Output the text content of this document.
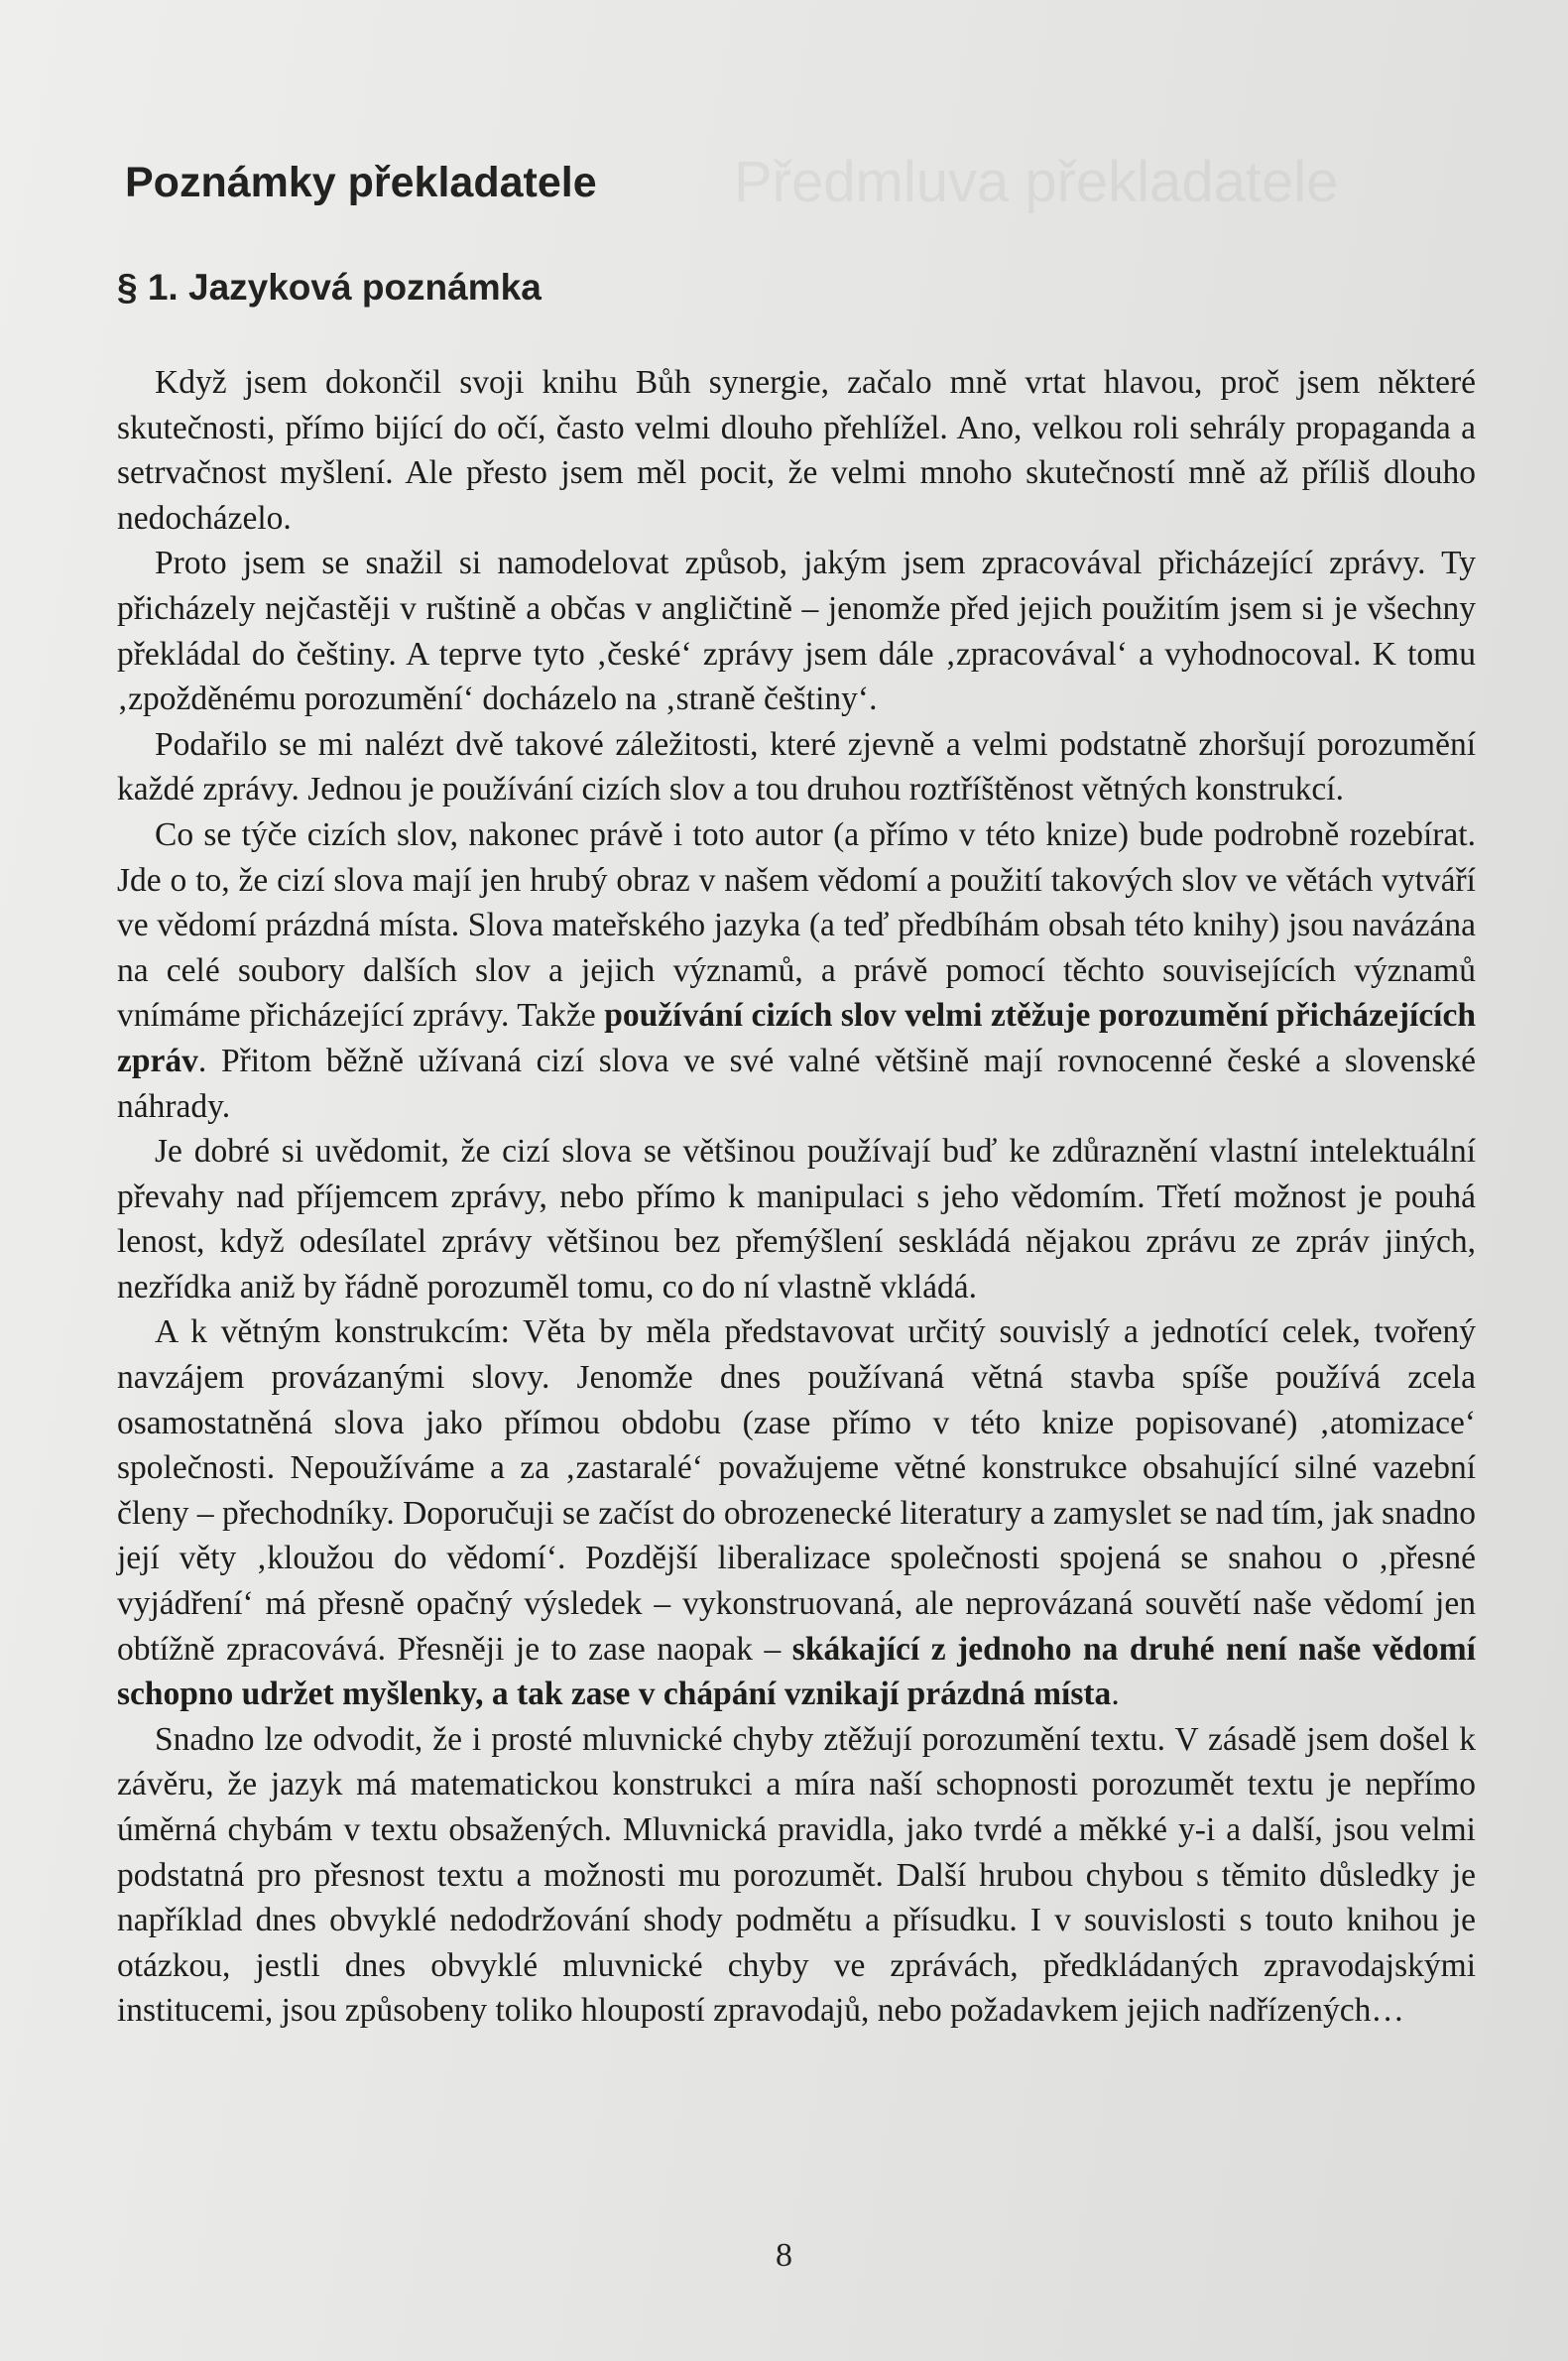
Předmluva překladatele
Poznámky překladatele
§ 1. Jazyková poznámka

Když jsem dokončil svoji knihu Bůh synergie, začalo mně vrtat hlavou, proč jsem některé skutečnosti, přímo bijící do očí, často velmi dlouho přehlížel. Ano, velkou roli sehrály propaganda a setrvačnost myšlení. Ale přesto jsem měl pocit, že velmi mnoho skutečností mně až příliš dlouho nedocházelo.

Proto jsem se snažil si namodelovat způsob, jakým jsem zpracovával přicházející zprávy. Ty přicházely nejčastěji v ruštině a občas v angličtině – jenomže před jejich použitím jsem si je všechny překládal do češtiny. A teprve tyto ‚české‘ zprávy jsem dále ‚zpracovával‘ a vyhodnocoval. K tomu ‚zpožděnému porozumění‘ docházelo na ‚straně češtiny‘.

Podařilo se mi nalézt dvě takové záležitosti, které zjevně a velmi podstatně zhoršují porozumění každé zprávy. Jednou je používání cizích slov a tou druhou roztříštěnost větných konstrukcí.

Co se týče cizích slov, nakonec právě i toto autor (a přímo v této knize) bude podrobně rozebírat. Jde o to, že cizí slova mají jen hrubý obraz v našem vědomí a použití takových slov ve větách vytváří ve vědomí prázdná místa. Slova mateřského jazyka (a teď předbíhám obsah této knihy) jsou navázána na celé soubory dalších slov a jejich významů, a právě pomocí těchto souvisejících významů vnímáme přicházející zprávy. Takže používání cizích slov velmi ztěžuje porozumění přicházejících zpráv. Přitom běžně užívaná cizí slova ve své valné většině mají rovnocenné české a slovenské náhrady.

Je dobré si uvědomit, že cizí slova se většinou používají buď ke zdůraznění vlastní intelektuální převahy nad příjemcem zprávy, nebo přímo k manipulaci s jeho vědomím. Třetí možnost je pouhá lenost, když odesílatel zprávy většinou bez přemýšlení seskládá nějakou zprávu ze zpráv jiných, nezřídka aniž by řádně porozuměl tomu, co do ní vlastně vkládá.

A k větným konstrukcím: Věta by měla představovat určitý souvislý a jednotící celek, tvořený navzájem provázanými slovy. Jenomže dnes používaná větná stavba spíše používá zcela osamostatněná slova jako přímou obdobu (zase přímo v této knize popisované) ‚atomizace‘ společnosti. Nepoužíváme a za ‚zastaralé‘ považujeme větné konstrukce obsahující silné vazební členy – přechodníky. Doporučuji se začíst do obrozenecké literatury a zamyslet se nad tím, jak snadno její věty ‚kloužou do vědomí‘. Pozdější liberalizace společnosti spojená se snahou o ‚přesné vyjádření‘ má přesně opačný výsledek – vykonstruovaná, ale neprovázaná souvětí naše vědomí jen obtížně zpracovává. Přesněji je to zase naopak – skákající z jednoho na druhé není naše vědomí schopno udržet myšlenky, a tak zase v chápání vznikají prázdná místa.

Snadno lze odvodit, že i prosté mluvnické chyby ztěžují porozumění textu. V zásadě jsem došel k závěru, že jazyk má matematickou konstrukci a míra naší schopnosti porozumět textu je nepřímo úměrná chybám v textu obsažených. Mluvnická pravidla, jako tvrdé a měkké y-i a další, jsou velmi podstatná pro přesnost textu a možnosti mu porozumět. Další hrubou chybou s těmito důsledky je například dnes obvyklé nedodržování shody podmětu a přísudku. I v souvislosti s touto knihou je otázkou, jestli dnes obvyklé mluvnické chyby ve zprávách, předkládaných zpravodajskými institucemi, jsou způsobeny toliko hloupostí zpravodajů, nebo požadavkem jejich nadřízených…

8
